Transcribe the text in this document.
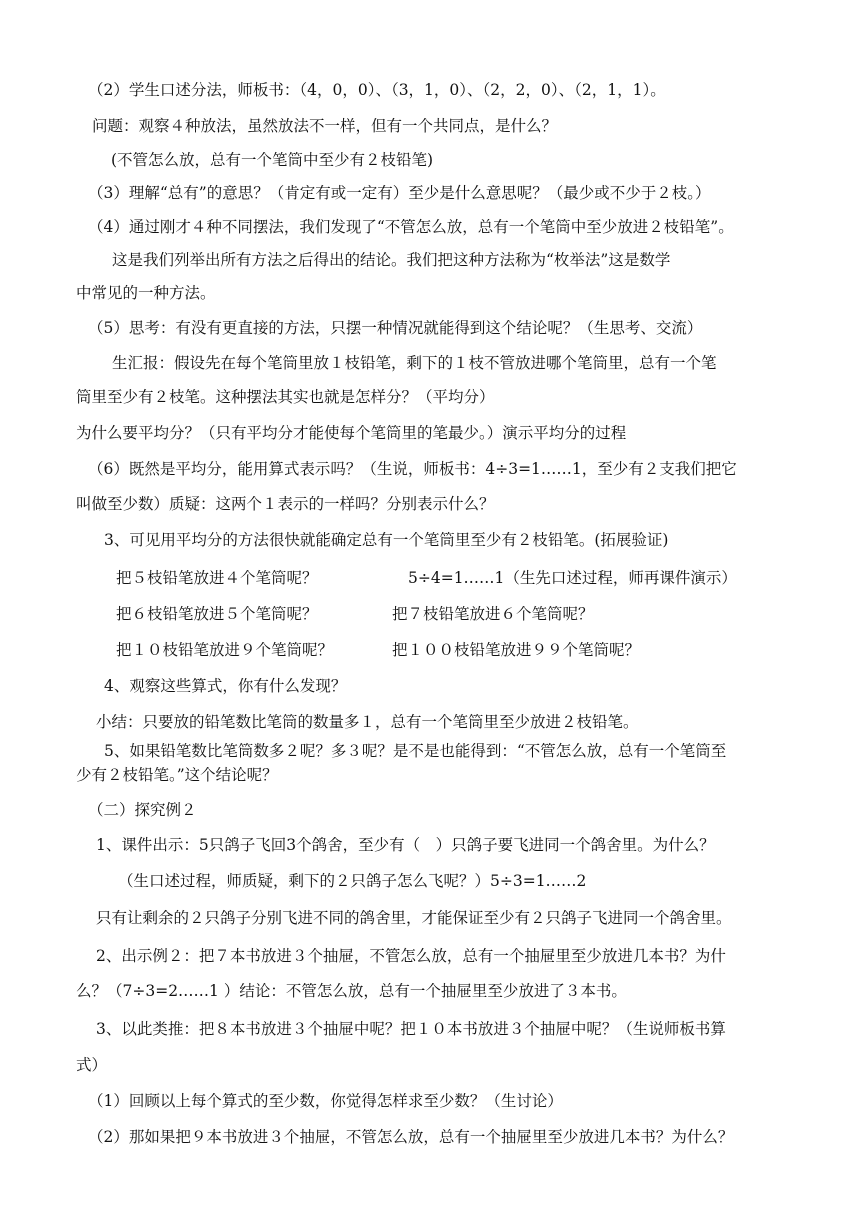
（2）学生口述分法，师板书：（4，0，0）、（3，1，0）、（2，2，0）、（2，1，1）。
问题：观察４种放法，虽然放法不一样，但有一个共同点，是什么？
(不管怎么放，总有一个笔筒中至少有２枝铅笔)
（3）理解“总有”的意思？（肯定有或一定有）至少是什么意思呢？（最少或不少于２枝。）
（4）通过刚才４种不同摆法，我们发现了“不管怎么放，总有一个笔筒中至少放进２枝铅笔”。
这是我们列举出所有方法之后得出的结论。我们把这种方法称为“枚举法”这是数学
中常见的一种方法。
（5）思考：有没有更直接的方法，只摆一种情况就能得到这个结论呢？（生思考、交流）
生汇报：假设先在每个笔筒里放１枝铅笔，剩下的１枝不管放进哪个笔筒里，总有一个笔
筒里至少有２枝笔。这种摆法其实也就是怎样分？（平均分）
为什么要平均分？（只有平均分才能使每个笔筒里的笔最少。）演示平均分的过程
（6）既然是平均分，能用算式表示吗？（生说，师板书：4÷3=1……1，至少有２支我们把它
叫做至少数）质疑：这两个１表示的一样吗？分别表示什么？
3、可见用平均分的方法很快就能确定总有一个笔筒里至少有２枝铅笔。(拓展验证)
把５枝铅笔放进４个笔筒呢？	5÷4=1……1（生先口述过程，师再课件演示）
把６枝铅笔放进５个笔筒呢？	把７枝铅笔放进６个笔筒呢？
把１０枝铅笔放进９个笔筒呢？	把１００枝铅笔放进９９个笔筒呢？
4、观察这些算式，你有什么发现？
小结：只要放的铅笔数比笔筒的数量多１，总有一个笔筒里至少放进２枝铅笔。
5、如果铅笔数比笔筒数多２呢？多３呢？是不是也能得到：“不管怎么放，总有一个笔筒至
少有２枝铅笔。”这个结论呢？
（二）探究例２
1、课件出示：5只鸽子飞回3个鸽舍，至少有（　）只鸽子要飞进同一个鸽舍里。为什么？
（生口述过程，师质疑，剩下的２只鸽子怎么飞呢？）5÷3=1……2
只有让剩余的２只鸽子分别飞进不同的鸽舍里，才能保证至少有２只鸽子飞进同一个鸽舍里。
2、出示例２：把７本书放进３个抽屉，不管怎么放，总有一个抽屉里至少放进几本书？为什
么？（7÷3=2……1 ）结论：不管怎么放，总有一个抽屉里至少放进了３本书。
3、以此类推：把８本书放进３个抽屉中呢？把１０本书放进３个抽屉中呢？（生说师板书算
式）
（1）回顾以上每个算式的至少数，你觉得怎样求至少数？（生讨论）
（2）那如果把９本书放进３个抽屉，不管怎么放，总有一个抽屉里至少放进几本书？为什么？
